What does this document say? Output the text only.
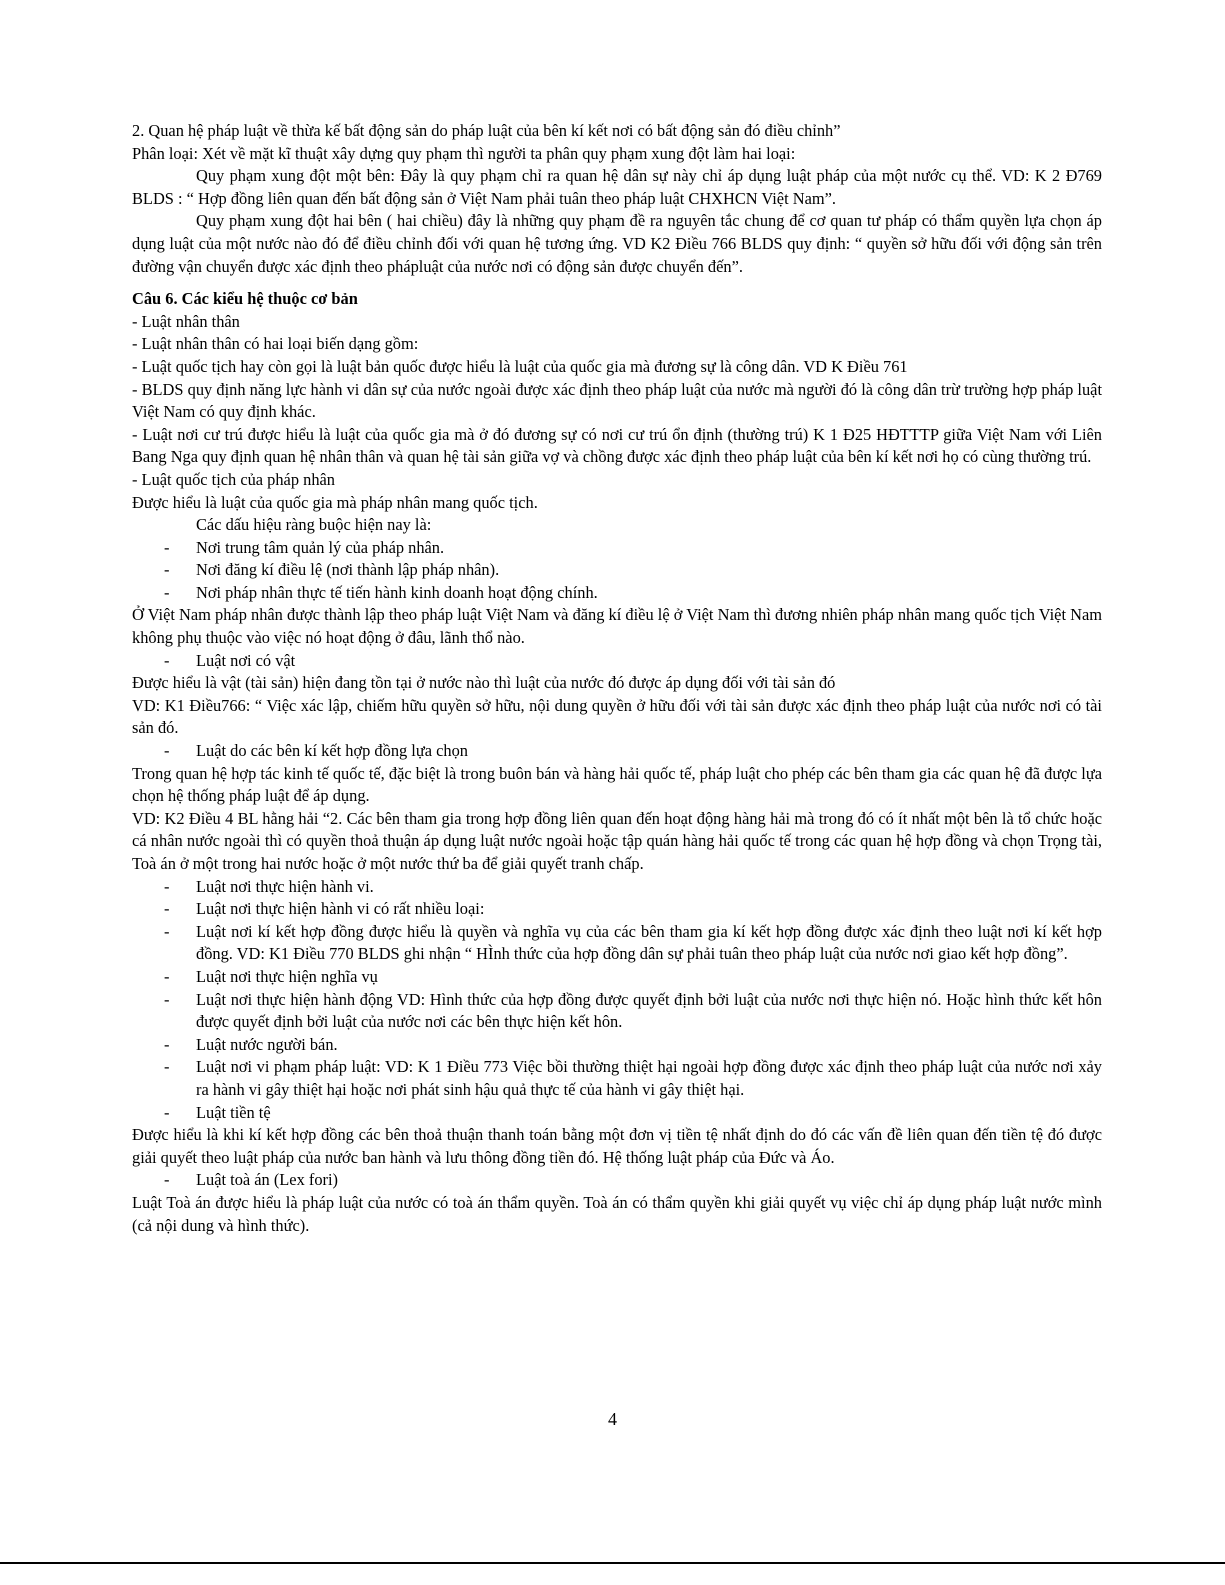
2. Quan hệ pháp luật về thừa kế bất động sản do pháp luật của bên kí kết nơi có bất động sản đó điều chỉnh”

Phân loại: Xét về mặt kĩ thuật xây dựng quy phạm thì người ta phân quy phạm xung đột làm hai loại:

Quy phạm xung đột một bên: Đây là quy phạm chỉ ra quan hệ dân sự này chỉ áp dụng luật pháp của một nước cụ thể. VD: K 2 Đ769 BLDS : “ Hợp đồng liên quan đến bất động sản ở Việt Nam phải tuân theo pháp luật CHXHCN Việt Nam”.

Quy phạm xung đột hai bên ( hai chiều) đây là những quy phạm đề ra nguyên tắc chung để cơ quan tư pháp có thẩm quyền lựa chọn áp dụng luật của một nước nào đó để điều chỉnh đối với quan hệ tương ứng. VD K2 Điều 766 BLDS quy định: “ quyền sở hữu đối với động sản trên đường vận chuyển được xác định theo phápluật của nước nơi có động sản được chuyển đến”.

Câu 6. Các kiểu hệ thuộc cơ bản

- Luật nhân thân

- Luật nhân thân có hai loại biến dạng gồm:

- Luật quốc tịch hay còn gọi là luật bản quốc được hiểu là luật của quốc gia mà đương sự là công dân. VD K Điều 761

- BLDS quy định năng lực hành vi dân sự của nước ngoài được xác định theo pháp luật của nước mà người đó là công dân trừ trường hợp pháp luật Việt Nam có quy định khác.

- Luật nơi cư trú được hiểu là luật của quốc gia mà ở đó đương sự có nơi cư trú ổn định (thường trú) K 1 Đ25 HĐTTTP giữa Việt Nam với Liên Bang Nga quy định quan hệ nhân thân và quan hệ tài sản giữa vợ và chồng được xác định theo pháp luật của bên kí kết nơi họ có cùng thường trú.

- Luật quốc tịch của pháp nhân

Được hiểu là luật của quốc gia mà pháp nhân mang quốc tịch.

Các dấu hiệu ràng buộc hiện nay là:

- Nơi trung tâm quản lý của pháp nhân.
- Nơi đăng kí điều lệ (nơi thành lập pháp nhân).
- Nơi pháp nhân thực tế tiến hành kinh doanh hoạt động chính.

Ở Việt Nam pháp nhân được thành lập theo pháp luật Việt Nam và đăng kí điều lệ ở Việt Nam thì đương nhiên pháp nhân mang quốc tịch Việt Nam không phụ thuộc vào việc nó hoạt động ở đâu, lãnh thổ nào.

- Luật nơi có vật

Được hiểu là vật (tài sản) hiện đang tồn tại ở nước nào thì luật của nước đó được áp dụng đối với tài sản đó

VD: K1 Điều766: “ Việc xác lập, chiếm hữu quyền sở hữu, nội dung quyền ở hữu đối với tài sản được xác định theo pháp luật của nước nơi có tài sản đó.

- Luật do các bên kí kết hợp đồng lựa chọn

Trong quan hệ hợp tác kinh tế quốc tế, đặc biệt là trong buôn bán và hàng hải quốc tế, pháp luật cho phép các bên tham gia các quan hệ đã được lựa chọn hệ thống pháp luật để áp dụng.

VD: K2 Điều 4 BL hằng hải “2. Các bên tham gia trong hợp đồng liên quan đến hoạt động hàng hải mà trong đó có ít nhất một bên là tổ chức hoặc cá nhân nước ngoài thì có quyền thoả thuận áp dụng luật nước ngoài hoặc tập quán hàng hải quốc tế trong các quan hệ hợp đồng và chọn Trọng tài, Toà án ở một trong hai nước hoặc ở một nước thứ ba để giải quyết tranh chấp.

- Luật nơi thực hiện hành vi.
- Luật nơi thực hiện hành vi có rất nhiều loại:
- Luật nơi kí kết hợp đồng được hiểu là quyền và nghĩa vụ của các bên tham gia kí kết hợp đồng được xác định theo luật nơi kí kết hợp đồng. VD: K1 Điều 770 BLDS ghi nhận “ HÌnh thức của hợp đồng dân sự phải tuân theo pháp luật của nước nơi giao kết hợp đồng”.
- Luật nơi thực hiện nghĩa vụ
- Luật nơi thực hiện hành động VD: Hình thức của hợp đồng được quyết định bởi luật của nước nơi thực hiện nó. Hoặc hình thức kết hôn được quyết định bởi luật của nước nơi các bên thực hiện kết hôn.
- Luật nước người bán.
- Luật nơi vi phạm pháp luật: VD: K 1 Điều 773 Việc bồi thường thiệt hại ngoài hợp đồng được xác định theo pháp luật của nước nơi xảy ra hành vi gây thiệt hại hoặc nơi phát sinh hậu quả thực tế của hành vi gây thiệt hại.
- Luật tiền tệ

Được hiểu là khi kí kết hợp đồng các bên thoả thuận thanh toán bằng một đơn vị tiền tệ nhất định do đó các vấn đề liên quan đến tiền tệ đó được giải quyết theo luật pháp của nước ban hành và lưu thông đồng tiền đó. Hệ thống luật pháp của Đức và Áo.

- Luật toà án (Lex fori)

Luật Toà án được hiểu là pháp luật của nước có toà án thẩm quyền. Toà án có thẩm quyền khi giải quyết vụ việc chỉ áp dụng pháp luật nước mình (cả nội dung và hình thức).

4
